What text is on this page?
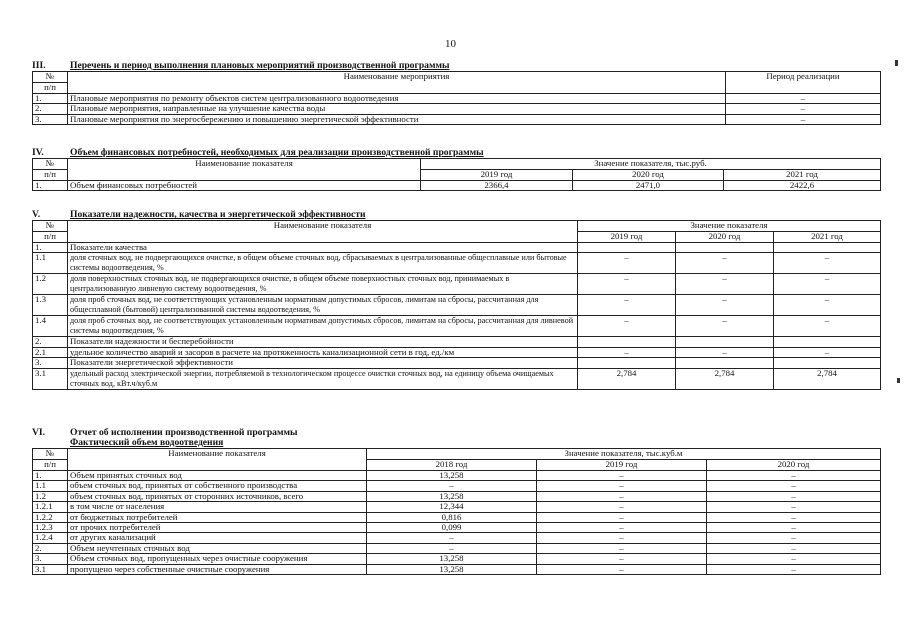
10
III.	Перечень и период выполнения плановых мероприятий производственной программы
№	Наименование мероприятия	Период реализации
п/п		
1.	Плановые мероприятия по ремонту объектов систем централизованного водоотведения	–
2.	Плановые мероприятия, направленные на улучшение качества воды	–
3.	Плановые мероприятия по энергосбережению и повышению энергетической эффективности	–
IV.	Объем финансовых потребностей, необходимых для реализации производственной программы
№	Наименование показателя	Значение показателя, тыс.руб.		
п/п		2019 год	2020 год	2021 год
1.	Объем финансовых потребностей	2366,4	2471,0	2422,6
V.	Показатели надежности, качества и энергетической эффективности
№	Наименование показателя	Значение показателя		
п/п		2019 год	2020 год	2021 год
1.	Показатели качества			
1.1	доля сточных вод, не подвергающихся очистке, в общем объеме сточных вод, сбрасываемых в централизованные общесплавные или бытовые системы водоотведения, %	–	–	–
1.2	доля поверхностных сточных вод, не подвергающихся очистке, в общем объеме поверхностных сточных вод, принимаемых в централизованную ливневую систему водоотведения, %	–	–	–
1.3	доля проб сточных вод, не соответствующих установленным нормативам допустимых сбросов, лимитам на сбросы, рассчитанная для общесплавной (бытовой) централизованной системы водоотведения, %	–	–	–
1.4	доля проб сточных вод, не соответствующих установленным нормативам допустимых сбросов, лимитам на сбросы, рассчитанная для ливневой системы водоотведения, %	–	–	–
2.	Показатели надежности и бесперебойности			
2.1	удельное количество аварий и засоров в расчете на протяженность канализационной сети в год, ед./км	–	–	–
3.	Показатели энергетической эффективности			
3.1	удельный расход электрической энергии, потребляемой в технологическом процессе очистки сточных вод, на единицу объема очищаемых сточных вод, кВт.ч/куб.м	2,784	2,784	2,784
VI.	Отчет об исполнении производственной программы
Фактический объем водоотведения
№	Наименование показателя	Значение показателя, тыс.куб.м		
п/п		2018 год	2019 год	2020 год
1.	Объем принятых сточных вод	13,258	–	–
1.1	объем сточных вод, принятых от собственного производства	–	–	–
1.2	объем сточных вод, принятых от сторонних источников, всего	13,258	–	–
1.2.1	в том числе от населения	12,344	–	–
1.2.2	от бюджетных потребителей	0,816	–	–
1.2.3	от прочих потребителей	0,099	–	–
1.2.4	от других канализаций	–	–	–
2.	Объем неучтенных сточных вод	–	–	–
3.	Объем сточных вод, пропущенных через очистные сооружения	13,258	–	–
3.1	пропущено через собственные очистные сооружения	13,258	–	–
